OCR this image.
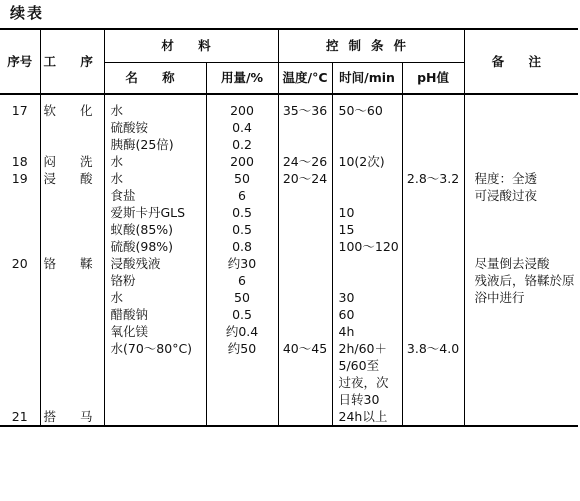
续表
序号	工 序	材 料		控制条件			备 注
		名 称	用量/%	温度/°C	时间/min	pH值	

17	软 化	水	200	35～36	50～60		
		硫酸铵	0.4				
		胰酶(25倍)	0.2				
18	闷 洗	水	200	24～26	10(2次)		
19	浸 酸	水	50	20～24		2.8～3.2	程度：全透
		食盐	6				可浸酸过夜
		爱斯卡丹GLS	0.5		10		
		蚁酸(85%)	0.5		15		
		硫酸(98%)	0.8		100～120		
20	铬 鞣	浸酸残液	约30				尽量倒去浸酸
		铬粉	6				残液后，铬鞣於原
		水	50		30		浴中进行
		醋酸钠	0.5		60		
		氧化镁	约0.4		4h		
		水(70～80°C)	约50	40～45	2h/60＋	3.8～4.0	
					5/60至		
					过夜，次		
					日转30		
21	搭 马				24h以上		
